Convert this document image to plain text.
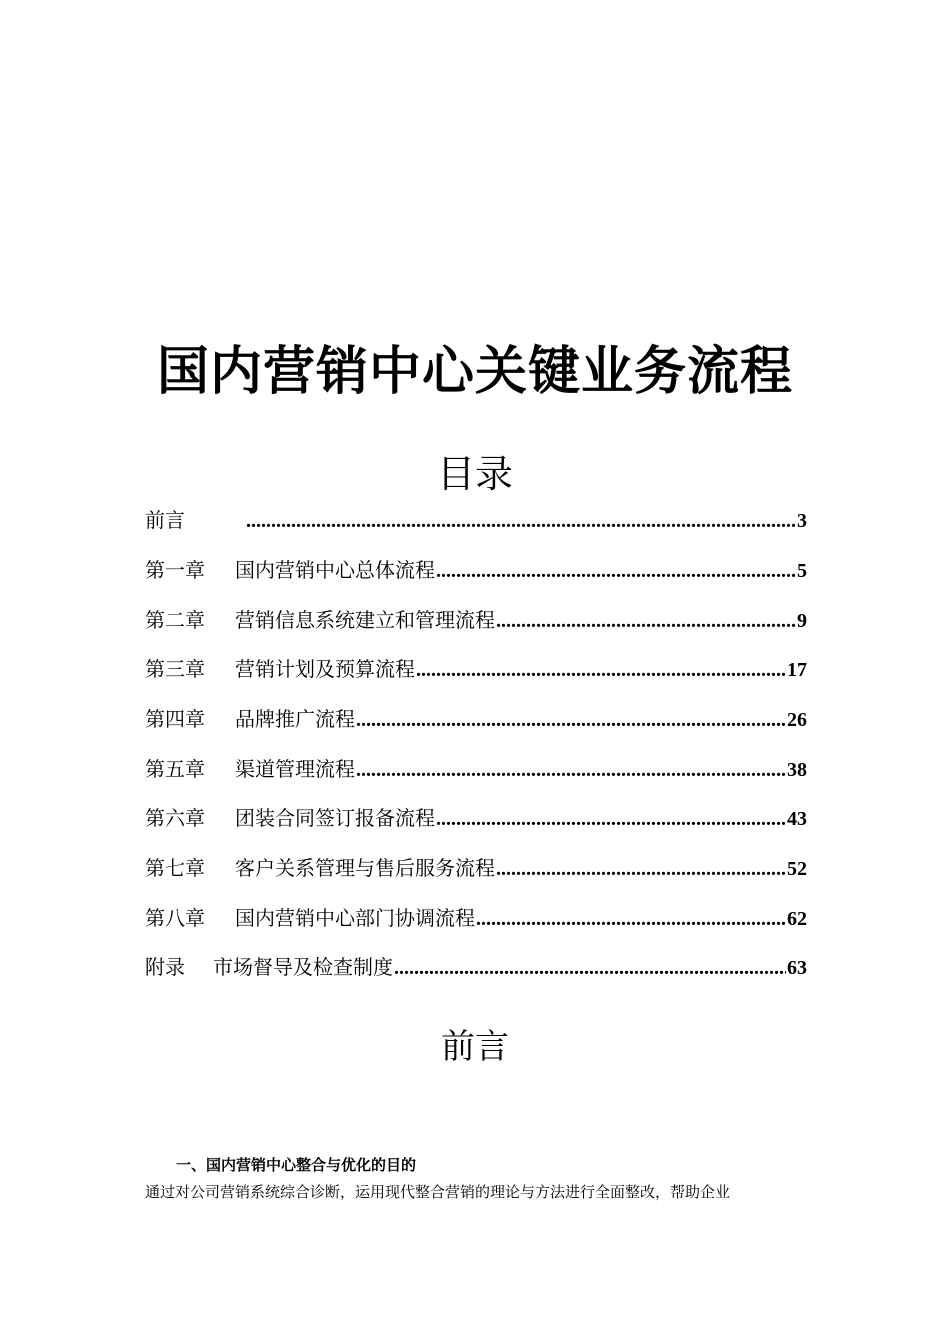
国内营销中心关键业务流程
目录
前言 .....	3
第一章	国内营销中心总体流程 .....	5
第二章	营销信息系统建立和管理流程 .....	9
第三章	营销计划及预算流程 .....	17
第四章	品牌推广流程 .....	26
第五章	渠道管理流程 .....	38
第六章	团装合同签订报备流程 .....	43
第七章	客户关系管理与售后服务流程 .....	52
第八章	国内营销中心部门协调流程 .....	62
附录	市场督导及检查制度 .....	63
前言
一、国内营销中心整合与优化的目的
通过对公司营销系统综合诊断，运用现代整合营销的理论与方法进行全面整改，帮助企业
